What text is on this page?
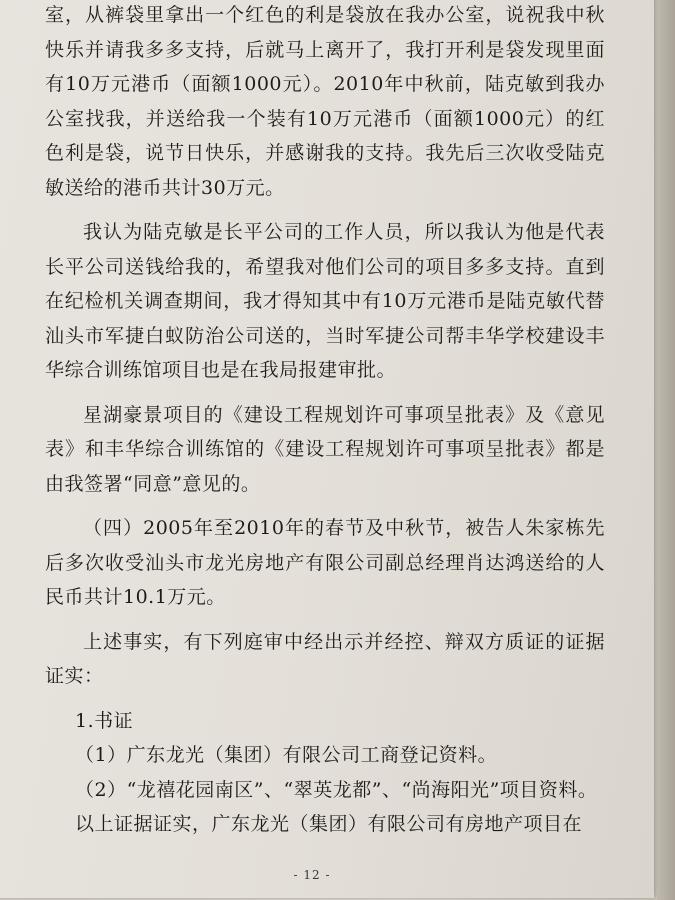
室，从裤袋里拿出一个红色的利是袋放在我办公室，说祝我中秋快乐并请我多多支持，后就马上离开了，我打开利是袋发现里面有10万元港币（面额1000元）。2010年中秋前，陆克敏到我办公室找我，并送给我一个装有10万元港币（面额1000元）的红色利是袋，说节日快乐，并感谢我的支持。我先后三次收受陆克敏送给的港币共计30万元。

我认为陆克敏是长平公司的工作人员，所以我认为他是代表长平公司送钱给我的，希望我对他们公司的项目多多支持。直到在纪检机关调查期间，我才得知其中有10万元港币是陆克敏代替汕头市军捷白蚁防治公司送的，当时军捷公司帮丰华学校建设丰华综合训练馆项目也是在我局报建审批。

星湖豪景项目的《建设工程规划许可事项呈批表》及《意见表》和丰华综合训练馆的《建设工程规划许可事项呈批表》都是由我签署“同意”意见的。

（四）2005年至2010年的春节及中秋节，被告人朱家栋先后多次收受汕头市龙光房地产有限公司副总经理肖达鸿送给的人民币共计10.1万元。

上述事实，有下列庭审中经出示并经控、辩双方质证的证据证实：

1.书证

（1）广东龙光（集团）有限公司工商登记资料。

（2）“龙禧花园南区”、“翠英龙都”、“尚海阳光”项目资料。

以上证据证实，广东龙光（集团）有限公司有房地产项目在

- 12 -
